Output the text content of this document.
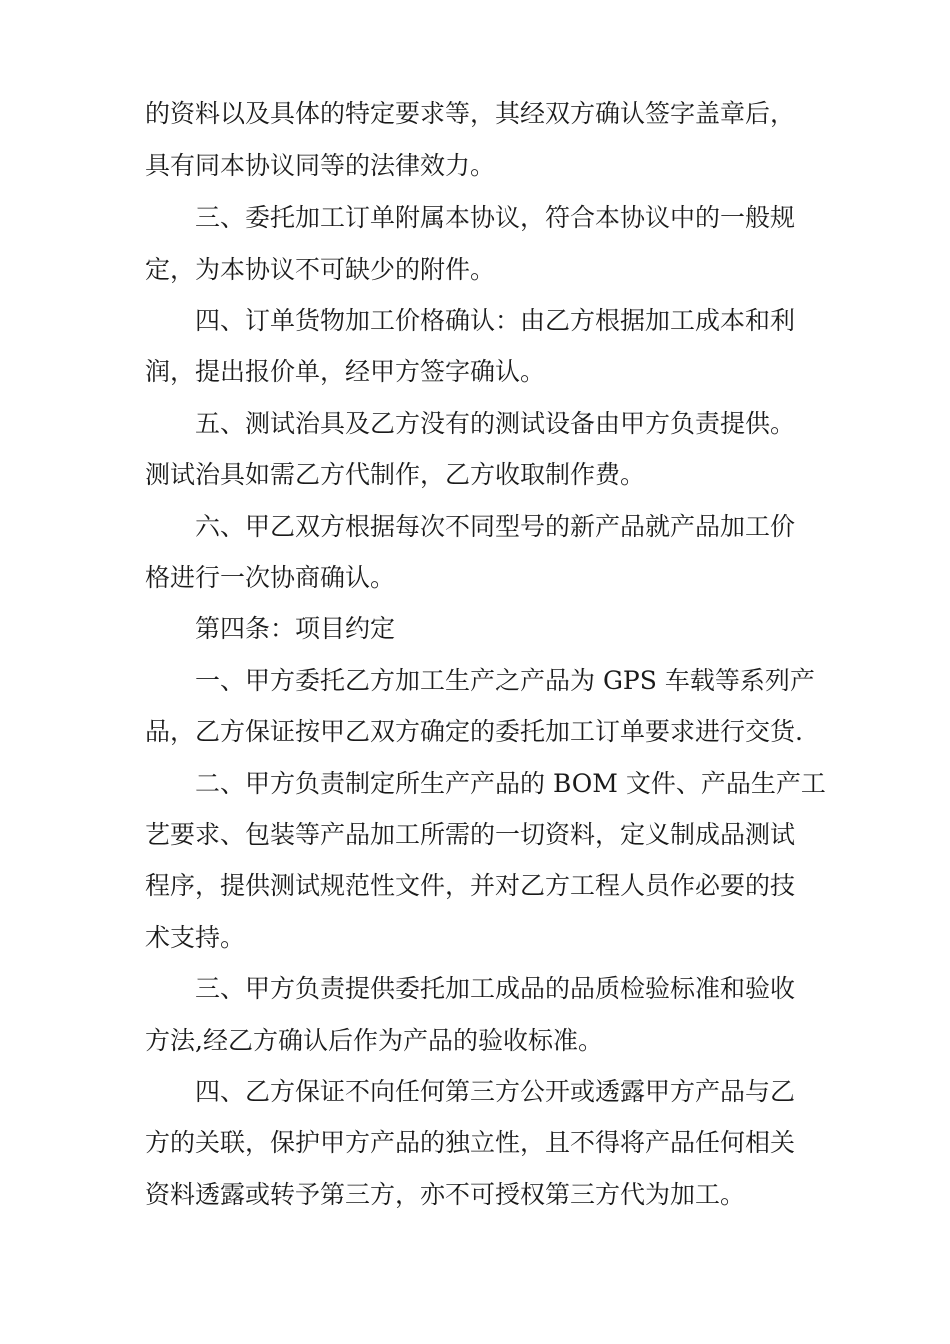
的资料以及具体的特定要求等，其经双方确认签字盖章后，
具有同本协议同等的法律效力。
三、委托加工订单附属本协议，符合本协议中的一般规
定，为本协议不可缺少的附件。
四、订单货物加工价格确认：由乙方根据加工成本和利
润，提出报价单，经甲方签字确认。
五、测试治具及乙方没有的测试设备由甲方负责提供。
测试治具如需乙方代制作，乙方收取制作费。
六、甲乙双方根据每次不同型号的新产品就产品加工价
格进行一次协商确认。
第四条：项目约定
一、甲方委托乙方加工生产之产品为 GPS 车载等系列产
品，乙方保证按甲乙双方确定的委托加工订单要求进行交货.
二、甲方负责制定所生产产品的 BOM 文件、产品生产工
艺要求、包装等产品加工所需的一切资料，定义制成品测试
程序，提供测试规范性文件，并对乙方工程人员作必要的技
术支持。
三、甲方负责提供委托加工成品的品质检验标准和验收
方法,经乙方确认后作为产品的验收标准。
四、乙方保证不向任何第三方公开或透露甲方产品与乙
方的关联，保护甲方产品的独立性，且不得将产品任何相关
资料透露或转予第三方，亦不可授权第三方代为加工。
